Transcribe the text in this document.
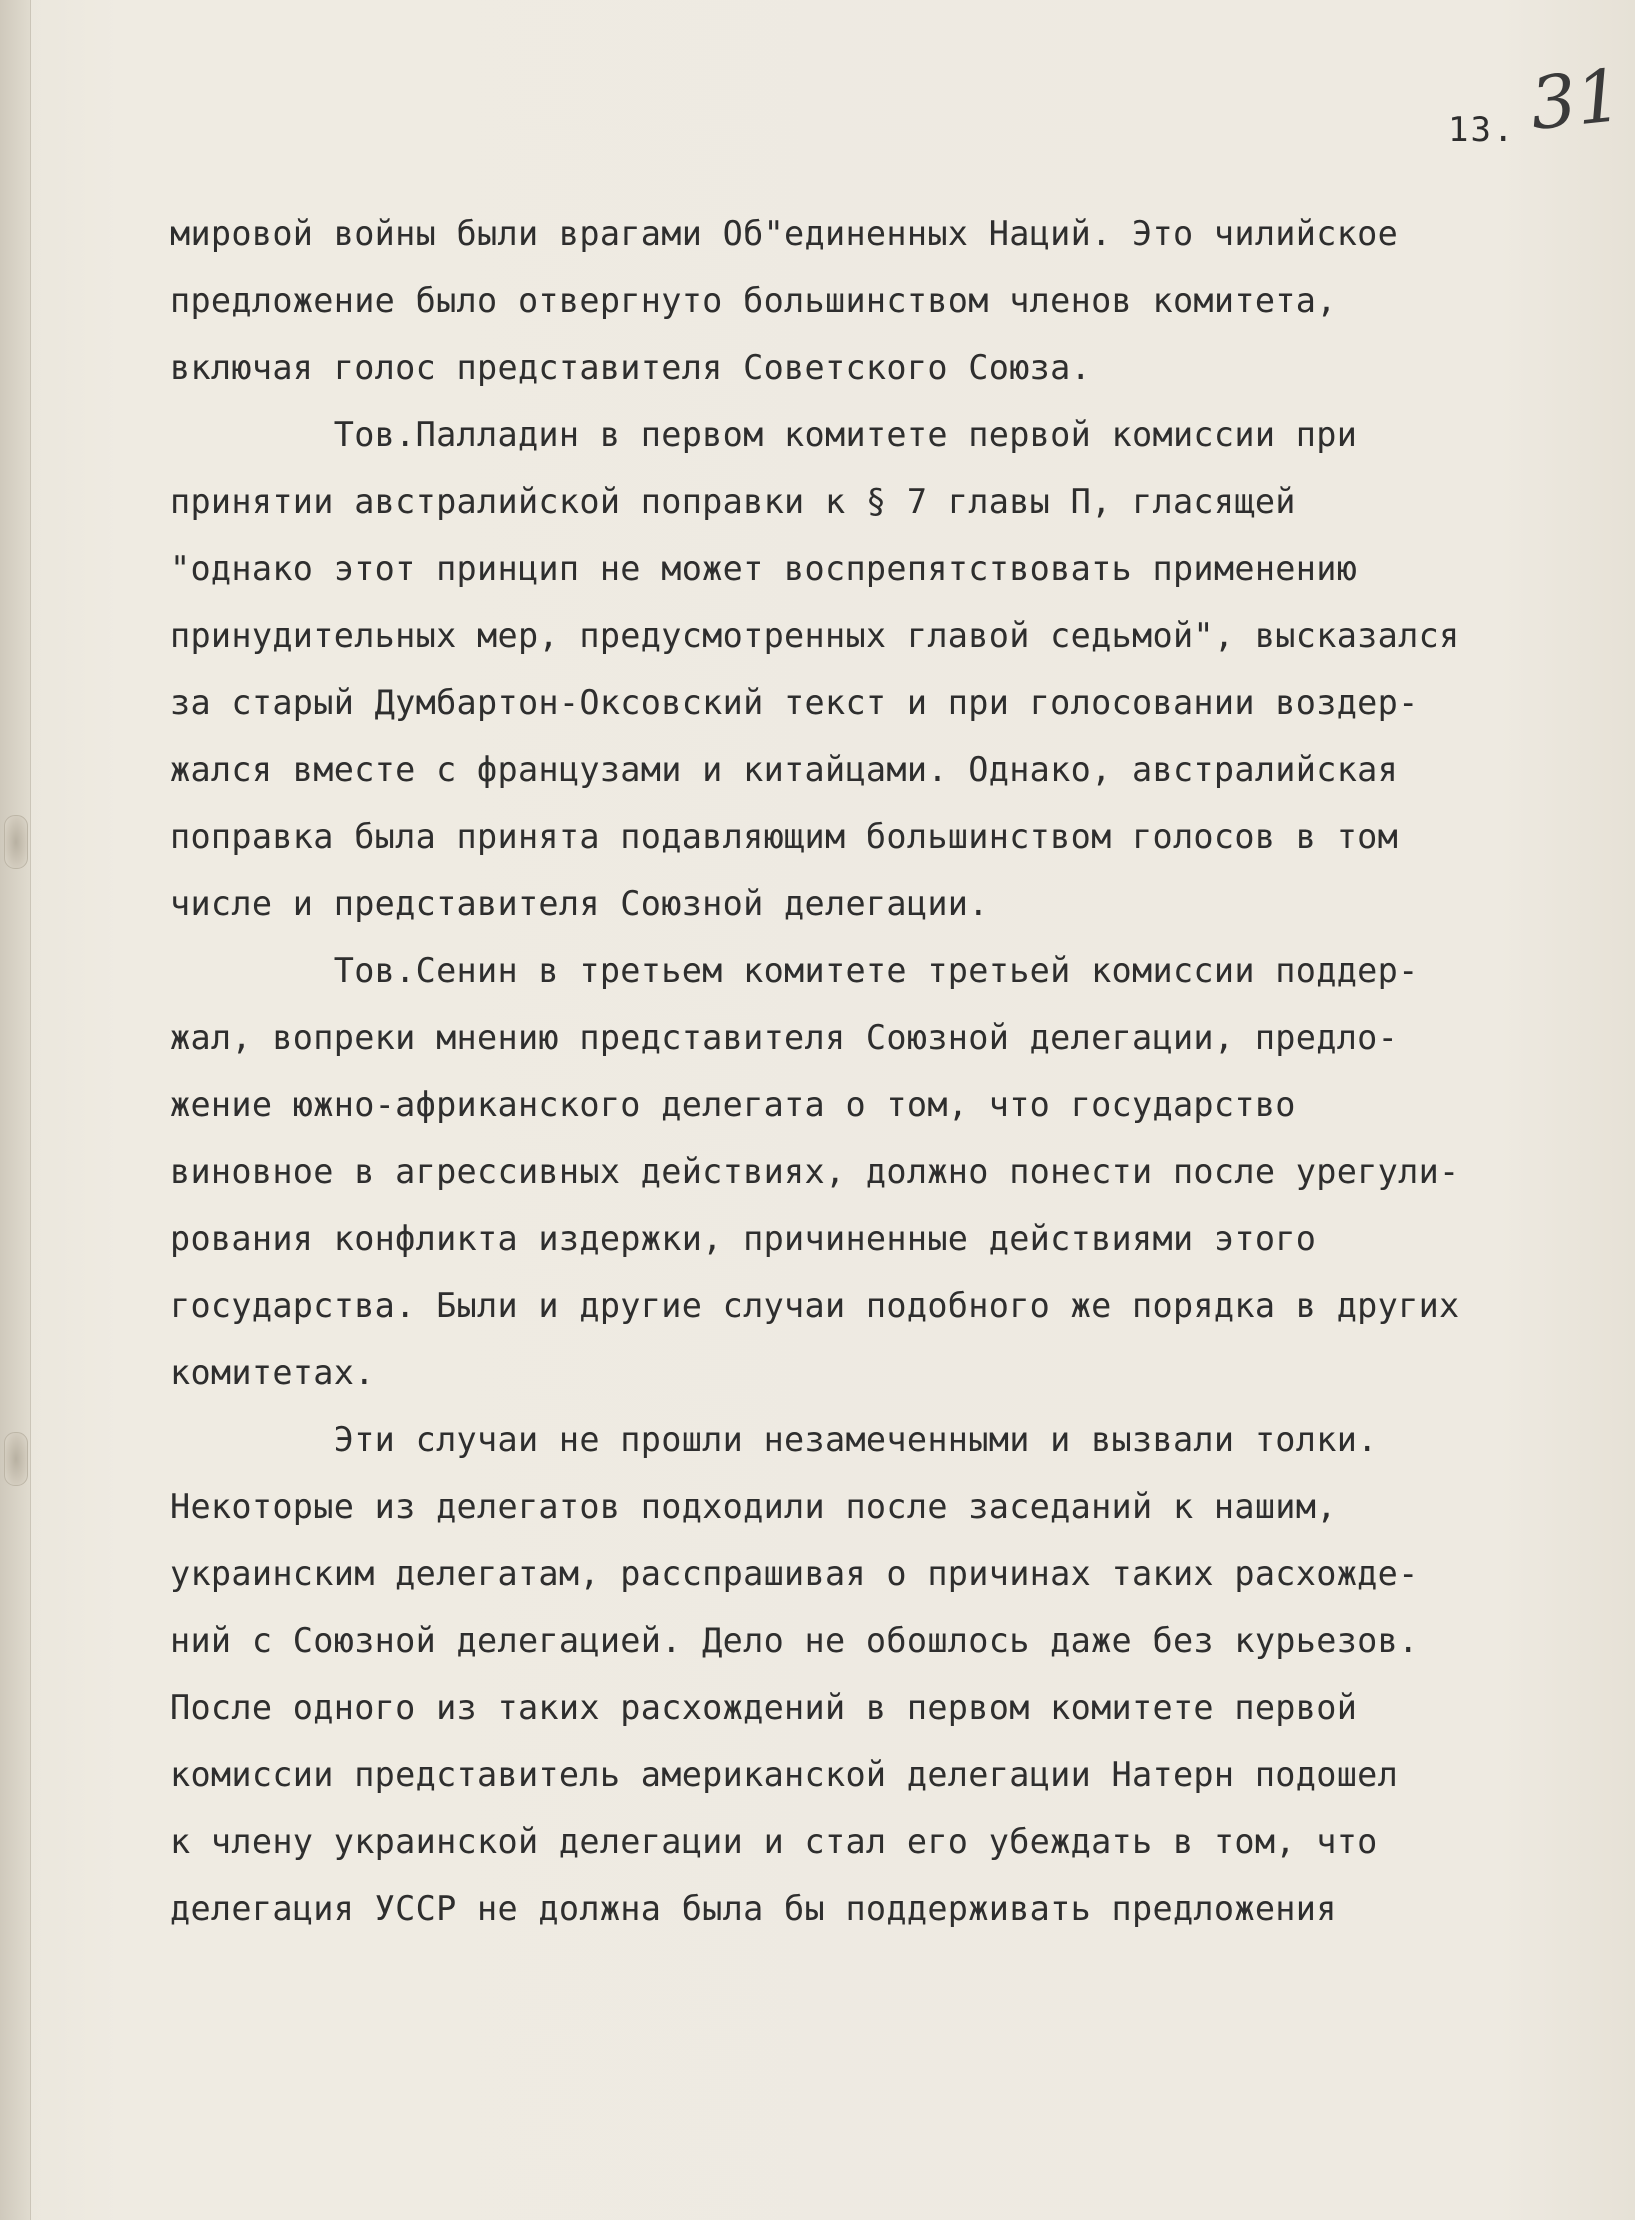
31
13.
мировой войны были врагами Об"единенных Наций. Это чилийское
предложение было отвергнуто большинством членов комитета,
включая голос представителя Советского Союза.
Тов.Палладин в первом комитете первой комиссии при
принятии австралийской поправки к § 7 главы П, гласящей
"однако этот принцип не может воспрепятствовать применению
принудительных мер, предусмотренных главой седьмой", высказался
за старый Думбартон-Оксовский текст и при голосовании воздер-
жался вместе с французами и китайцами. Однако, австралийская
поправка была принята подавляющим большинством голосов в том
числе и представителя Союзной делегации.
Тов.Сенин в третьем комитете третьей комиссии поддер-
жал, вопреки мнению представителя Союзной делегации, предло-
жение южно-африканского делегата о том, что государство
виновное в агрессивных действиях, должно понести после урегули-
рования конфликта издержки, причиненные действиями этого
государства. Были и другие случаи подобного же порядка в других
комитетах.
Эти случаи не прошли незамеченными и вызвали толки.
Некоторые из делегатов подходили после заседаний к нашим,
украинским делегатам, расспрашивая о причинах таких расхожде-
ний с Союзной делегацией. Дело не обошлось даже без курьезов.
После одного из таких расхождений в первом комитете первой
комиссии представитель американской делегации Натерн подошел
к члену украинской делегации и стал его убеждать в том, что
делегация УССР не должна была бы поддерживать предложения
